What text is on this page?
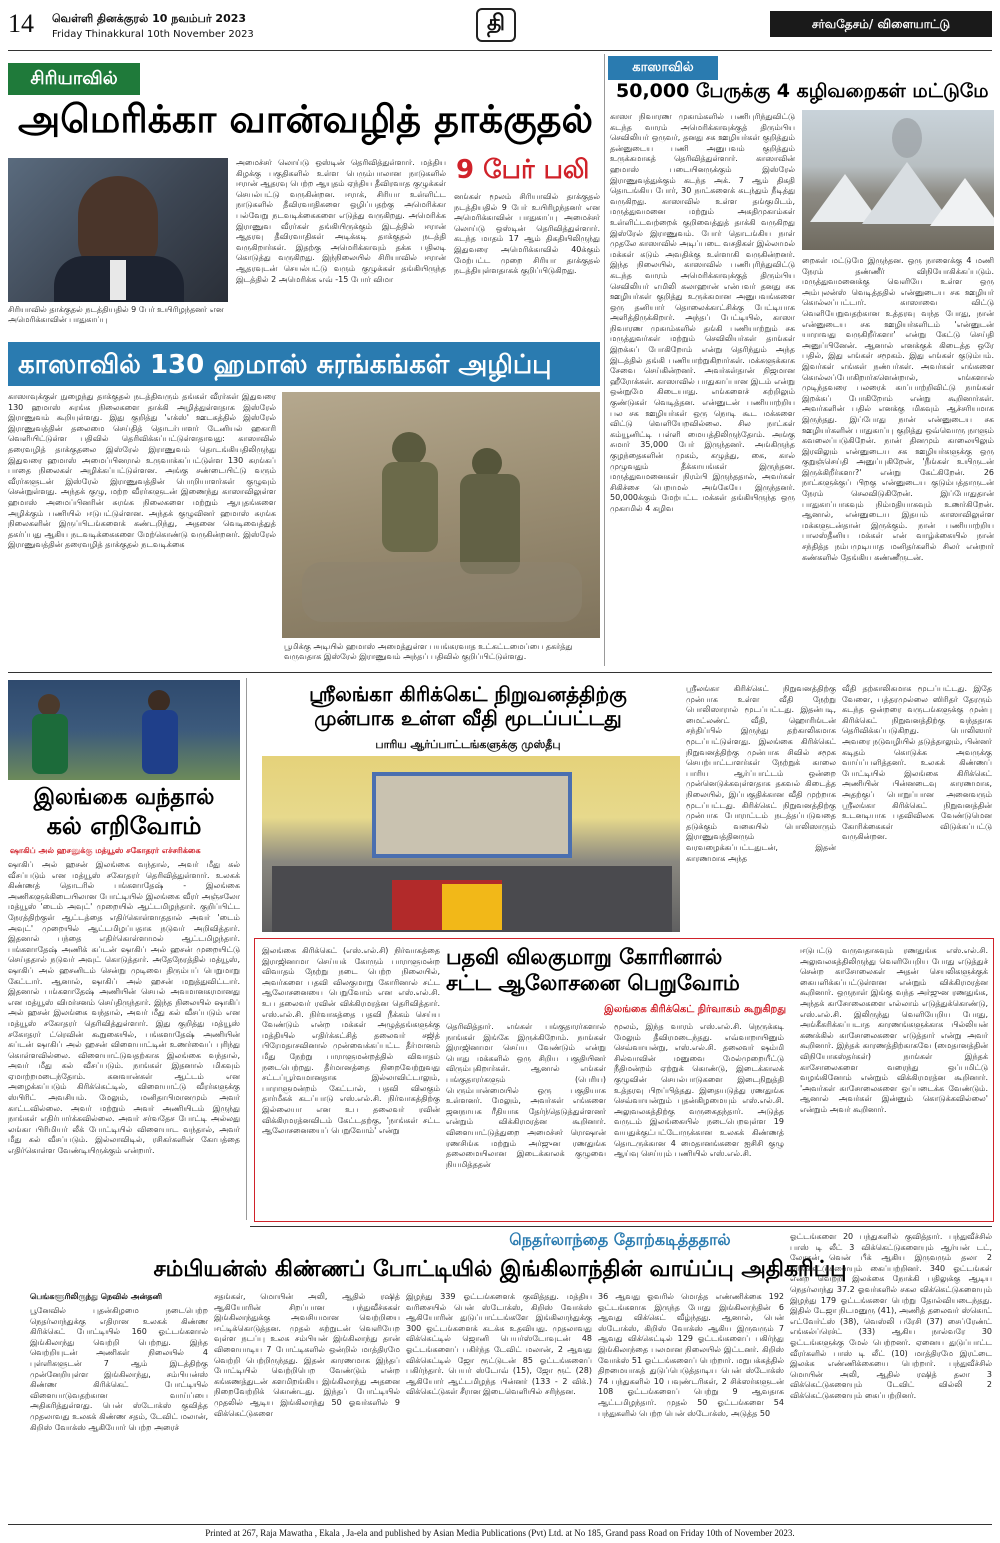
14 வெள்ளி தினக்குரல் 10 நவம்பர் 2023
Friday Thinakkural 10th November 2023	தி	சர்வதேசம்/ விளையாட்டு
சிரியாவில்
அமெரிக்கா வான்வழித் தாக்குதல்
சிரியாவில் தாக்குதல் நடத்தியதில் 9 பேர் உயிரிழந்தனர் என அமெரிக்காவின் பாதுகாப்பு
அமைச்சர் லொய்டு ஒஸ்டின் தெரிவித்துள்ளார். மத்திய கிழக்கு பகுதிகளில் உள்ள பெரும்பாலான நாடுகளில் ஈரான் ஆதரவு பெற்ற ஆயுதம் ஏந்திய தீவிரவாத குழுக்கள் செயல்பட்டு வருகின்றன. ஈராக், சிரியா உள்ளிட்ட நாடுகளில் தீவிரவாதிகளை ஒழிப்பதற்கு அமெரிக்கா பல்வேறு நடவடிக்கைகளை எடுத்து வருகிறது. அமெரிக்க இராணுவ வீரர்கள் தங்கியிருக்கும் இடத்தில் ஈரான் ஆதரவு தீவிரவாதிகள் அடிக்கடி தாக்குதல் நடத்தி வருகிறார்கள். இதற்கு அமெரிக்காவும் தக்க பதிலடி கொடுத்து வருகிறது. இந்நிலையில் சிரியாவில் ஈரான் ஆதரவுடன் செயல்பட்டு வரும் குழுக்கள் தங்கியிருந்த இடத்தில் 2 அமெரிக்க எவ் -15 போர் விமா
9 பேர் பலி
னங்கள் மூலம் சிரியாவில் தாக்குதல் நடத்தியதில் 9 பேர் உயிரிழந்தனர் என அமெரிக்காவின் பாதுகாப்பு அமைச்சர் லொய்டு ஒஸ்டின் தெரிவித்துள்ளார். கடந்த மாதம் 17 ஆம் திகதியிலிருந்து இதுவரை அமெரிக்காவில் 40க்கும் மேற்பட்ட முறை சிரியா தாக்குதல் நடத்தியுள்ளதாகக் குறிப்பிடுகிறது.
காஸாவில்
50,000 பேருக்கு 4 கழிவறைகள் மட்டுமே
காஸா நிவாரண முகாம்களில் பணிபுரிந்துவிட்டு கடந்த வாரம் அமெரிக்காவுக்குத் திரும்பிய செவிலியர் ஒருவர், தனது சக ஊழியர்கள் குறித்தும் தன்னுடைய பணி அனுபவம் குறித்தும் உருக்கமாகத் தெரிவித்துள்ளார். காஸாவின் ஹமாஸ் படையினருக்கும் இஸ்ரேல் இராணுவத்துக்கும் கடந்த அக். 7 ஆம் திகதி தொடங்கிய போர், 30 நாட்களைக் கடந்தும் நீடித்து வருகிறது. காஸாவில் உள்ள தங்குமிடம், மருத்துவமனை மற்றும் அகதிமுகாம்கள் உள்ளிட்டவற்றைக் குறிவைத்துத் தாக்கி வருகிறது இஸ்ரேல் இராணுவம். போர் தொடங்கிய நாள் முதலே காஸாவில் அடிப்படை வசதிகள் இல்லாமல் மக்கள் கடும் அவதிக்கு உள்ளாகி வருகின்றனர். இந்த நிலையில், காஸாவில் பணிபுரிந்துவிட்டு கடந்த வாரம் அமெரிக்காவுக்குத் திரும்பிய செவிலியர் எமிலி கலாஹான் என்பவர் தனது சக ஊழியர்கள் குறித்து உருக்கமான அனுபவங்களை ஒரு தனியார் தொலைக்காட்சிக்கு பேட்டியாக அளித்திருக்கிறார். அந்தப் பேட்டியில், காஸா நிவாரண முகாம்களில் தங்கி பணியாற்றும் சக மருத்துவர்கள் மற்றும் செவிலியர்கள் தாங்கள் இறக்கப் போகிறோம் என்று தெரிந்தும் அந்த இடத்தில் தங்கி பணியாற்றுகிறார்கள். மக்களுக்காக சேவை செய்கின்றனர். அவர்கள்தான் நிஜமான ஹீரோக்கள். காஸாவில் பாதுகாப்பான இடம் என்று ஒன்றுமே கிடையாது. எங்களைச் சுற்றிலும் குண்டுகள் வெடித்தன. என்னுடன் பணியாற்றிய பல சக ஊழியர்கள் ஒரு நொடி கூட மக்களை விட்டு வெளியேறவில்லை. சில நாட்கள் கம்யூனிட்டி பள்ளி மையத்திலிருந்தோம். அங்கு சுமார் 35,000 பேர் இருந்தனர். அங்கிருந்த குழந்தைகளின் முகம், கழுத்து, கை, கால் முழுவதும் தீக்காயங்கள் இருந்தன. மருத்துவமனைகள் நிரம்பி இருந்ததால், அவர்கள் சிகிச்சை பெறாமல் அங்கேயே இருந்தனர். 50,000க்கும் மேற்பட்ட மக்கள் தங்கியிருந்த ஒரு முகாமில் 4 கழிவ
றைகள் மட்டுமே இருந்தன. ஒரு நாளைக்கு 4 மணி நேரம் தண்ணீர் விநியோகிக்கப்படும். மருத்துவமனைக்கு வெளியே உள்ள ஒரு அம்புலன்ஸ் வெடித்ததில் என்னுடைய சக ஊழியர் கொல்லப்பட்டார். காஸாவை விட்டு வெளியேறுவதற்கான உத்தரவு வந்த போது, நான் என்னுடைய சக ஊழியர்களிடம் 'என்னுடன் யாராவது வருகிறீர்களா' என்று கேட்டு செய்தி அனுப்பினேன். ஆனால் எனக்குக் கிடைத்த ஒரே பதில், இது எங்கள் சமூகம். இது எங்கள் குடும்பம். இவர்கள் எங்கள் நண்பர்கள். அவர்கள் எங்களை கொல்லப்போகிறார்களென்றால், எங்களால் முடிந்தவரை பலரைக் காப்பாற்றிவிட்டு நாங்கள் இறக்கப் போகிறோம் என்று கூறினார்கள். அவர்களின் பதில் எனக்கு மிகவும் ஆச்சரியமாக இருந்தது. இப்போது நான் என்னுடைய சக ஊழியர்களின் பாதுகாப்பு குறித்து ஒவ்வொரு நாளும் கவலைப்படுகிறேன். நான் தினமும் காலையிலும் இரவிலும் என்னுடைய சக ஊழியர்களுக்கு ஒரு குறுஞ்செய்தி அனுப்புகிறேன், 'நீங்கள் உயிருடன் இருக்கிறீர்களா?' என்று கேட்கிறேன். 26 நாட்களுக்குப் பிறகு என்னுடைய குடும்பத்தாருடன் நேரம் செலவிடுகிறேன். இப்போதுதான் பாதுகாப்பாகவும் நிம்மதியாகவும் உணர்கிறேன். ஆனால், என்னுடைய இதயம் காஸாவிலுள்ள மக்களுடன்தான் இருக்கும். நான் பணியாற்றிய பாலஸ்தீனிய மக்கள் என் வாழ்க்கையில் நான் சந்தித்த நம்பமுடியாத மனிதர்களில் சிலர் என்றார் கண்களில் தேங்கிய கண்ணீருடன்.
காஸாவில் 130 ஹமாஸ் சுரங்கங்கள் அழிப்பு
காஸாவுக்குள் நுழைந்து தாக்குதல் நடத்திவரும் தங்கள் வீரர்கள் இதுவரை 130 ஹமாஸ் சுரங்க நிலைகளை தாக்கி அழித்துள்ளதாக இஸ்ரேல் இராணுவம் கூறியுள்ளது. இது குறித்து 'எக்ஸ்' ஊடகத்தில் இஸ்ரேல் இராணுவத்தின் தலைமை செய்தித் தொடர்பாளர் டேனியல் ஹகாரி வெளியிட்டுள்ள பதிவில் தெரிவிக்கப்பட்டுள்ளதாவது: காஸாவில் தரைவழித் தாக்குதலை இஸ்ரேல் இராணுவம் தொடங்கியதிலிருந்து இதுவரை ஹமாஸ் அமைப்பினரால் உருவாக்கப்பட்டுள்ள 130 சுரங்கப் பாதை நிலைகள் அழிக்கப்பட்டுள்ளன. அங்கு சண்டையிட்டு வரும் வீரர்களுடன் இஸ்ரேல் இராணுவத்தின் பொறியாளர்கள் குழுவும் சென்றுள்ளது. அந்தக் குழு, மற்ற வீரர்களுடன் இணைந்து காஸாவிலுள்ள ஹமாஸ் அமைப்பினரின் சுரங்க நிலைகளை மற்றும் ஆயுதங்களை அழிக்கும் பணியில் ஈடுபட்டுள்ளன. அந்தக் குழுவினர் ஹமாஸ் சுரங்க நிலைகளின் இருப்பிடங்களைக் கண்டறிந்து, அதனை வெடிவைத்துத் தகர்ப்பது ஆகிய நடவடிக்கைகளை மேற்கொண்டு வருகின்றனர். இஸ்ரேல் இராணுவத்தின் தரைவழித் தாக்குதல் நடவடிக்கை
பூமிக்கு அடியில் ஹமாஸ் அமைத்துள்ள பயங்கரவாத உட்கட்டமைப்பை தகர்த்து வருவதாக இஸ்ரேல் இராணுவம் அந்தப் பதிவில் குறிப்பிட்டுள்ளது.
இலங்கை வந்தால்
கல் எறிவோம்
ஷாகிப் அல் ஹசனுக்கு மத்யூஸ் சகோதரர் எச்சரிக்கை
ஷாகிப் அல் ஹசன் இலங்கை வந்தால், அவர் மீது கல் வீசப்படும் என மத்யூஸ் சகோதரர் தெரிவித்துள்ளார். உலகக் கிண்ணத் தொடரில் பங்களாதேஷ் - இலங்கை அணிகளுக்கிடையிலான போட்டியில் இலங்கை வீரர் அஞ்சலோ மத்யூஸ் 'டைம் அவுட்' முறையில் ஆட்டமிழந்தார். குறிப்பிட்ட நேரத்திற்குள் ஆட்டத்தை எதிர்கொள்ளாததால் அவர் 'டைம் அவுட்' முறையில் ஆட்டமிழப்பதாக நடுவர் அறிவித்தார். இதனால் பந்தை எதிர்கொள்ளாமல் ஆட்டமிழந்தார். பங்களாதேஷ் அணிக் கப்டன் ஷாகிப் அல் ஹசன் முறையிட்டு செய்ததால் நடுவர் அவுட் கொடுத்தார். அதேநேரத்தில் மத்யூஸ், ஷாகிப் அல் ஹசனிடம் சென்று முடிவை திரும்பப் பெறுமாறு கேட்டார். ஆனால், ஷாகிப் அல் ஹசன் மறுத்துவிட்டார். இதனால் பங்களாதேஷ் அணியின் செயல் அவமானகரமானது என மத்யூஸ் விமர்சனம் செய்திருந்தார். இந்த நிலையில் ஷாகிப் அல் ஹசன் இலங்கை வந்தால், அவர் மீது கல் வீசப்படும் என மத்யூஸ் சகோதரர் தெரிவித்துள்ளார். இது குறித்து மத்யூஸ் சகோதரர் ட்ரெவின் கூறுகையில், பங்களாதேஷ் அணியின் கப்டன் ஷாகிப் அல் ஹசன் விளையாட்டின் உணர்வைப் புரிந்து கொள்ளவில்லை. விளையாட்டுவதற்காக இலங்கை வந்தால், அவர் மீது கல் வீசப்படும். நாங்கள் இதனால் மிகவும் ஏமாற்றமடைந்தோம். கனவான்கள் ஆட்டம் என அழைக்கப்படும் கிரிக்கெட்டில், விளையாட்டு வீரர்களுக்கு ஸ்பிரிட் அவசியம். மேலும், மனிதாபிமானமும் அவர் காட்டவில்லை. அவர் மற்றும் அவர் அணியிடம் இருந்து நாங்கள் எதிர்பார்க்கவில்லை. அவர் சர்வதேச போட்டி அல்லது லங்கா பிரிமியர் லீக் போட்டியில் விளையாட வந்தால், அவர் மீது கல் வீசப்படும். இல்லாவிடில், ரசிகர்களின் கோபத்தை எதிர்கொள்ள வேண்டியிருக்கும் என்றார்.
ஸ்ரீலங்கா கிரிக்கெட் நிறுவனத்திற்கு
முன்பாக உள்ள வீதி மூடப்பட்டது
பாரிய ஆர்ப்பாட்டங்களுக்கு முஸ்தீபு
ஸ்ரீலங்கா கிரிக்கெட் நிறுவனத்திற்கு முன்பாக உள்ள வீதி நேற்று பொலிஸாரால் மூடப்பட்டது. இதன்படி, மைட்லண்ட் வீதி, ஹொரிங்டன் சந்திப்பில் இருந்து தற்காலிகமாக மூடப்பட்டுள்ளது. இலங்கை கிரிக்கெட் நிறுவனத்திற்கு முன்பாக சிவில் சமூக செயற்பாட்டாளர்கள் நேற்றுக் காலை பாரிய ஆர்ப்பாட்டம் ஒன்றை முன்னெடுக்கவுள்ளதாக தகவல் கிடைத்த நிலையில், இப்பகுதிக்கான வீதி முற்றாக மூடப்பட்டது. கிரிக்கெட் நிறுவனத்திற்கு முன்பாக போராட்டம் நடத்தப்படுவதை தடுக்கும் வகையில் பொலிஸாரும் இராணுவத்தினரும் வரவழைக்கப்பட்டதுடன், இதன் காரணமாக அந்த
வீதி தற்காலிகமாக மூடப்பட்டது. இதே வேளை, பத்தரமுல்லை ஸிரிதர் தேரரும் கடந்த ஒன்றரை வருடங்களுக்கு முன்பு கிரிக்கெட் நிறுவனத்திற்கு வந்ததாக தெரிவிக்கப்படுகிறது. பொலிஸார் அவரை நடுவழியில் தடுத்தாலும், பின்னர் கடிதம் கொடுக்க அவருக்கு வாய்ப்பளித்தனர். உலகக் கிண்ணப் போட்டியில் இலங்கை கிரிக்கெட் அணியின் பின்னடைவு காரணமாக, அதற்குப் பொறுப்பான அனைவரும் ஸ்ரீலங்கா கிரிக்கெட் நிறுவனத்தின் உடனடியாக பதவிவிலக வேண்டுமென கோரிக்கைகள் விடுக்கப்பட்டு வருகின்றன.
இலங்கை கிரிக்கெட் (எஸ்.எல்.சி) நிர்வாகத்தை இராஜினாமா செய்யக் கோரும் பாராளுமன்ற விவாதம் நேற்று நடை பெற்ற நிலையில், அவர்களை பதவி விலகுமாறு கோரினால் சட்ட ஆலோசனையை பெறுவோம் என எஸ்.எல்.சி. உப தலைவர் ரவின் விக்கிரமரத்ன தெரிவித்தார். எஸ்.எல்.சி. நிர்வாகத்தை பதவி நீக்கம் செய்ய வேண்டும் என்ற மக்கள் அழுத்தங்களுக்கு மத்தியில் எதிர்க்கட்சித் தலைவர் சஜித் பிரேமதாசவினால் முன்வைக்கப்பட்ட தீர்மானம் மீது நேற்று பாராளுமன்றத்தில் விவாதம் நடைபெற்றது. தீர்மானத்தை நிறைவேற்றுவது சட்டப்பூர்வமானதாக இல்லாவிட்டாலும், பாராளுமன்றம் கேட்டால், பதவி விலகும் தார்மீகக் கடப்பாடு எஸ்.எல்.சி. நிர்வாகத்திற்கு இல்லையா என உப தலைவர் ரவின் விக்கிரமரத்னவிடம் கேட்டதற்கு, 'நாங்கள் சட்ட ஆலோசனையைப் பெறுவோம்' என்று
பதவி விலகுமாறு கோரினால்
சட்ட ஆலோசனை பெறுவோம்
இலங்கை கிரிக்கெட் நிர்வாகம் கூறுகிறது
தெரிவித்தார். எங்கள் பங்குதாரர்களால் நாங்கள் இங்கே இருக்கிறோம். நாங்கள் இராஜினாமா செய்ய வேண்டும் என்று பொது மக்களில் ஒரு சிறிய பகுதியினர் விரும்புகிறார்கள். ஆனால் எங்கள் பங்குதாரர்களும் (பெரிய) பெரும்பான்மையில் ஒரு பகுதியாக உள்ளனர். மேலும், அவர்கள் எங்களை ஜனநாயக ரீதியாக தேர்ந்தெடுத்துள்ளனர் என்றும் விக்கிரமரத்ன கூறினார். விளையாட்டுத்துறை அமைச்சர் ரொஷான் ரணசிங்க மற்றும் அர்ஜுன ரணதுங்க தலைமையிலான இடைக்காலக் குழுவை நியமித்ததன்
மூலம், இந்த வாரம் எஸ்.எல்.சி. நெருக்கடி மேலும் தீவிரமடைந்தது. எவ்வாறாயினும் செவ்வாயன்று, எஸ்.எல்.சி. தலைவர் ஷம்மி சில்வாவின் மனுவை மேல்முறையீட்டு நீதிமன்றம் ஏற்றுக் கொண்டு, இடைக்காலக் குழுவின் செயல்பாடுகளை இடைநிறுத்தி உத்தரவு பிறப்பித்தது. இதையடுத்து ரணதுங்க செவ்வாயன்றும் புதன்கிழமையும் எஸ்.எல்.சி. அலுவலகத்திற்கு வருகைதந்தார். அடுத்த வருடம் இலங்கையில் நடைபெறவுள்ள 19 வயதுக்குட்பட்டோருக்கான உலகக் கிண்ணத் தொடருக்கான 4 மைதானங்களை ஐசிசி குழு ஆய்வு செய்யும் பணியில் எஸ்.எல்.சி.
ஈடுபட்டு வருவதாகவும் ரணதுங்க எஸ்.எல்.சி. அலுவலகத்திலிருந்து வெளியேறிய போது எடுத்துச் சென்ற காசோலைகள் அதன் செயலிகளுக்குக் கையளிக்கப்பட்டுள்ளன என்றும் விக்கிரமரத்ன கூறினார். ஒருநாள் இங்கு வந்த அர்ஜுன ரணதுங்க, அந்தக் காசோலைகளை எல்லாம் எடுத்துக்கொண்டு, எஸ்.எல்.சி. இலிருந்து வெளியேறிய போது, அங்கீகரிக்கப்படாத காரணங்களுக்காக பில்லியன் கணக்கில் காசோலைகளை எடுத்தார் என்று அவர் கூறினார். இந்தக் காரணத்திற்காகவே (மைதானத்தின் விநியோகஸ்தர்கள்) நாங்கள் இந்தக் காசோலைகளை வரைந்து ஒப்பமிட்டு வழங்கினோம் என்றும் விக்கிரமரத்ன கூறினார். 'அவர்கள் காசோலைகளை ஒப்படைக்க வேண்டும். ஆனால் அவர்கள் இன்னும் கொடுக்கவில்லை' என்றும் அவர் கூறினார்.
நெதர்லாந்தை தோற்கடித்ததால்
சம்பியன்ஸ் கிண்ணப் போட்டியில் இங்கிலாந்தின் வாய்ப்பு அதிகரிப்பு
பெங்களூரிலிருந்து நெவில் அன்தனி
பூனேவில் புதன்கிழமை நடைபெற்ற நெதர்லாந்துக்கு எதிரான உலகக் கிண்ண கிரிக்கெட் போட்டியில் 160 ஓட்டங்களால் இங்கிலாந்து வெற்றி பெற்றது. இந்த வெற்றியுடன் அணிகள் நிலையில் 4 புள்ளிகளுடன் 7 ஆம் இடத்திற்கு முன்னேறியுள்ள இங்கிலாந்து, சம்பியன்ஸ் கிண்ண கிரிக்கெட் போட்டியில் விளையாடுவதற்கான வாய்ப்பை அதிகரித்துள்ளது. பென் ஸ்டோக்ஸ் குவித்த முதலாவது உலகக் கிண்ண சதம், டேவிட் மலான், கிறிஸ் வோக்ஸ் ஆகியோர் பெற்ற அரைச்
சதங்கள், மொயின் அலி, ஆதில் ரஷித் ஆகியோரின் சிறப்பான பந்துவீச்சுகள் இங்கிலாந்துக்கு அவசியமான வெற்றியை ஈட்டிக்கொடுத்தன. முதல் சுற்றுடன் வெளியேற வுள்ள நடப்பு உலக சம்பியன் இங்கிலாந்து தான் விளையாடிய 7 போட்டிகளில் ஒன்றில் மாத்திரமே வெற்றி பெற்றிருந்தது. இதன் காரணமாக இந்தப் போட்டியில் வெற்றிபெற வேண்டும் என்ற கங்கணத்துடன் களமிறங்கிய இங்கிலாந்து அதனை நிறைவேற்றிக் கொண்டது. இந்தப் போட்டியில் முதலில் ஆடிய இங்கிலாந்து 50 ஓவர்களில் 9 விக்கெட்டுகளை
இழந்து 339 ஓட்டங்களைக் குவித்தது. மத்திய வரிசையில் பென் ஸ்டோக்ஸ், கிறிஸ் வோக்ஸ் ஆகியோரின் துடுப்பாட்டங்களே இங்கிலாந்துக்கு 300 ஓட்டங்களைக் கடக்க உதவியது. முதலாவது விக்கெட்டில் ஜொனி பெயர்ஸ்டோவுடன் 48 ஓட்டங்களைப் பகிர்ந்த டேவிட் மலான், 2 ஆவது விக்கெட்டில் ஜோ ரூட்டுடன் 85 ஓட்டங்களைப் பகிர்ந்தார். பெயர் ஸ்டோவ் (15), ஜோ ரூட் (28) ஆகியோர் ஆட்டமிழந்த பின்னர் (133 - 2 விக்.) விக்கெட்டுகள் சீரான இடைவெளியில் சரிந்தன.
36 ஆவது ஓவரில் மொத்த எண்ணிக்கை 192 ஓட்டங்களாக இருந்த போது இங்கிலாந்தின் 6 ஆவது விக்கெட் வீழ்ந்தது. ஆனால், பென் ஸ்டோக்ஸ், கிறிஸ் வோக்ஸ் ஆகிய இருவரும் 7 ஆவது விக்கெட்டில் 129 ஓட்டங்களைப் பகிர்ந்து இங்கிலாந்தை பலமான நிலையில் இட்டனர். கிறிஸ் வோக்ஸ் 51 ஓட்டங்களைப் பெற்றார். மறுபக்கத்தில் திறமையாகத் துடுப்பெடுத்தாடிய பென் ஸ்டோக்ஸ் 74 பந்துகளில் 10 பவுண்டரிகள், 2 சிக்ஸர்களுடன் 108 ஓட்டங்களைப் பெற்று 9 ஆவதாக ஆட்டமிழந்தார். முதல் 50 ஓட்டங்களை 54 பந்துகளில் பெற்ற பென் ஸ்டோக்ஸ், அடுத்த 50
ஓட்டங்களை 20 பந்துகளில் குவித்தார். பந்துவீச்சில் பாஸ் டி லீட் 3 விக்கெட்டுகளையும் ஆர்யன் டட், லோகன் வென் பீக் ஆகிய இருவரும் தலா 2 விக்கெட்டுகளையும் கைப்பற்றினர். 340 ஓட்டங்கள் என்ற வெற்றி இலக்கை நோக்கி பதிலுக்கு ஆடிய நெதர்லாந்து 37.2 ஓவர்களில் சகல விக்கெட்டுகளையும் இழந்து 179 ஓட்டங்களை பெற்று தோல்வியடைந்தது. இதில் டேஜா நிடமனுரு (41), அணித் தலைவர் ஸ்கொட் எட்வேர்ட்ஸ் (38), வெஸ்லி பரேசி (37) சைப்ரேண்ட் எங்கல்ப்ரெச்ட் (33) ஆகிய நால்வரே 30 ஓட்டங்களுக்கு மேல் பெற்றனர். ஏனைய துடுப்பாட்ட வீரர்களில் பாஸ் டி லீட் (10) மாத்திரமே இரட்டை இலக்க எண்ணிக்கையை பெற்றார். பந்துவீச்சில் மொயின் அலி, ஆதில் ரஷித் தலா 3 விக்கெட்டுகளையும் டேவிட் வில்லி 2 விக்கெட்டுகளையும் கைப்பற்றினர்.
Printed at 267, Raja Mawatha , Ekala , Ja-ela and published by Asian Media Publications (Pvt) Ltd. at No 185, Grand pass Road on Friday 10th of November 2023.
